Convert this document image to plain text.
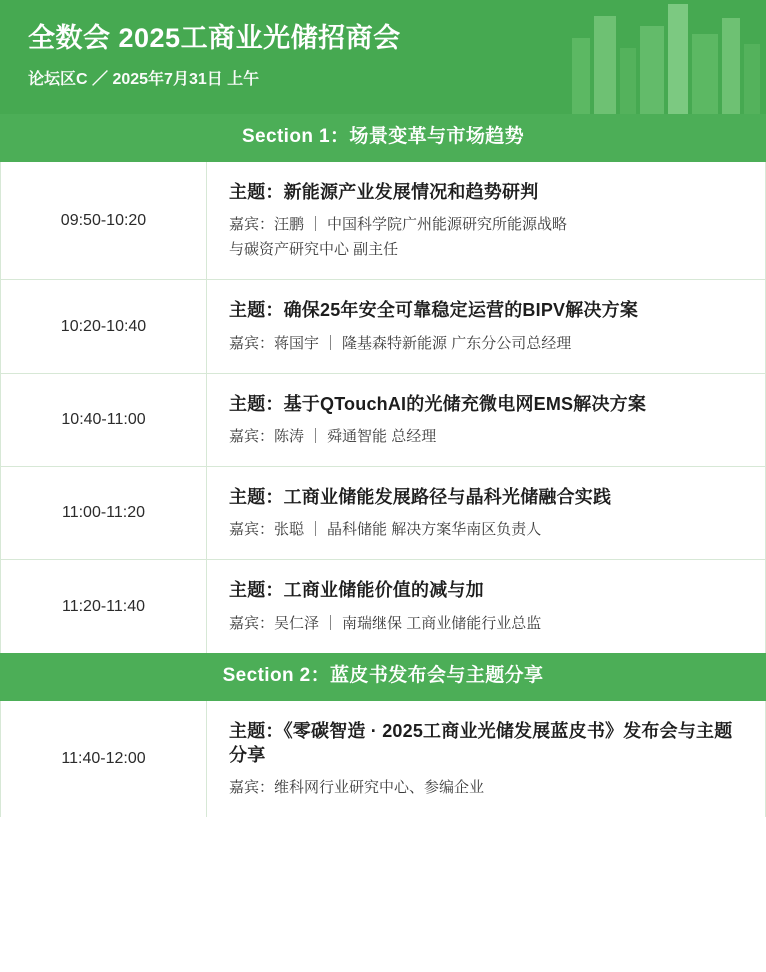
全数会 2025工商业光储招商会
论坛区C ／ 2025年7月31日 上午
Section 1：场景变革与市场趋势
09:50-10:20
主题：新能源产业发展情况和趋势研判
嘉宾：汪鹏 ｜ 中国科学院广州能源研究所能源战略
与碳资产研究中心 副主任
10:20-10:40
主题：确保25年安全可靠稳定运营的BIPV解决方案
嘉宾：蒋国宇 ｜ 隆基森特新能源 广东分公司总经理
10:40-11:00
主题：基于QTouchAI的光储充微电网EMS解决方案
嘉宾：陈涛 ｜ 舜通智能 总经理
11:00-11:20
主题：工商业储能发展路径与晶科光储融合实践
嘉宾：张聪 ｜ 晶科储能 解决方案华南区负责人
11:20-11:40
主题：工商业储能价值的减与加
嘉宾：吴仁泽 ｜ 南瑞继保 工商业储能行业总监
Section 2：蓝皮书发布会与主题分享
11:40-12:00
主题：《零碳智造 · 2025工商业光储发展蓝皮书》发布会与主题分享
嘉宾：维科网行业研究中心、参编企业
